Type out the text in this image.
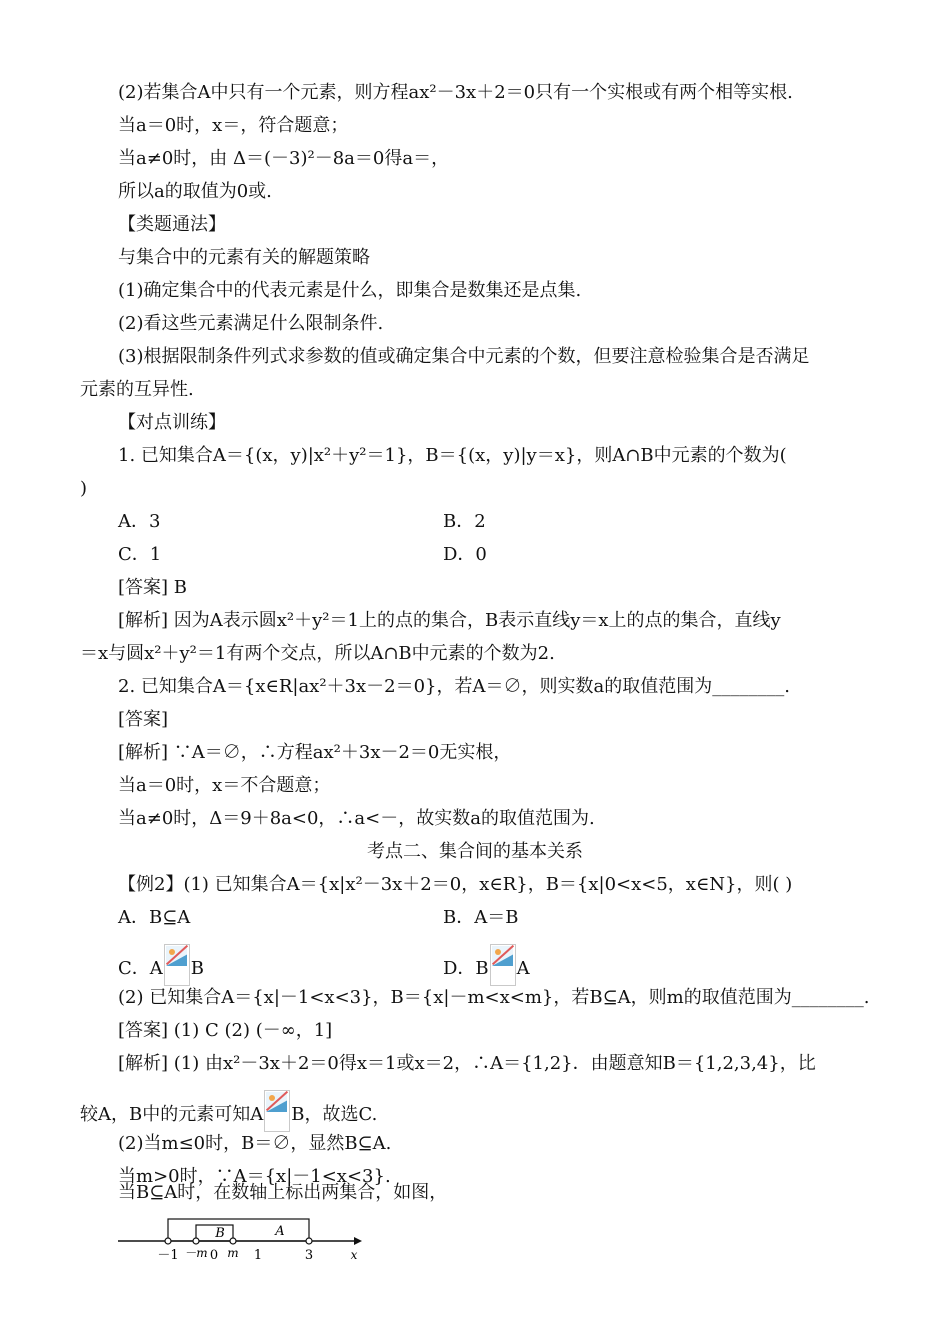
(2)若集合A中只有一个元素，则方程ax²－3x＋2＝0只有一个实根或有两个相等实根.
当a＝0时，x＝，符合题意；
当a≠0时，由 Δ＝(－3)²－8a＝0得a＝，
所以a的取值为0或.
【类题通法】
与集合中的元素有关的解题策略
(1)确定集合中的代表元素是什么，即集合是数集还是点集.
(2)看这些元素满足什么限制条件.
(3)根据限制条件列式求参数的值或确定集合中元素的个数，但要注意检验集合是否满足
元素的互异性.
【对点训练】
1. 已知集合A＝{(x，y)|x²＋y²＝1}，B＝{(x，y)|y＝x}，则A∩B中元素的个数为(
)
A．3	B．2
C．1	D．0
[答案] B
[解析] 因为A表示圆x²＋y²＝1上的点的集合，B表示直线y＝x上的点的集合，直线y
＝x与圆x²＋y²＝1有两个交点，所以A∩B中元素的个数为2.
2. 已知集合A＝{x∈R|ax²＋3x－2＝0}，若A＝∅，则实数a的取值范围为________.
[答案]
[解析] ∵A＝∅，∴方程ax²＋3x－2＝0无实根，
当a＝0时，x＝不合题意；
当a≠0时，Δ＝9＋8a<0，∴a<－，故实数a的取值范围为.
考点二、集合间的基本关系
【例2】(1) 已知集合A＝{x|x²－3x＋2＝0，x∈R}，B＝{x|0<x<5，x∈N}，则( )
A．B⊆A	B．A＝B
C．A B	D．B A
(2) 已知集合A＝{x|－1<x<3}，B＝{x|－m<x<m}，若B⊆A，则m的取值范围为________.
[答案] (1) C (2) (－∞，1]
[解析] (1) 由x²－3x＋2＝0得x＝1或x＝2，∴A＝{1,2}．由题意知B＝{1,2,3,4}，比
较A，B中的元素可知A B，故选C.
(2)当m≤0时，B＝∅，显然B⊆A.
当m>0时，∵A＝{x|－1<x<3}.
当B⊆A时，在数轴上标出两集合，如图，
B	A
－1 －m 0 m 1	3	x
